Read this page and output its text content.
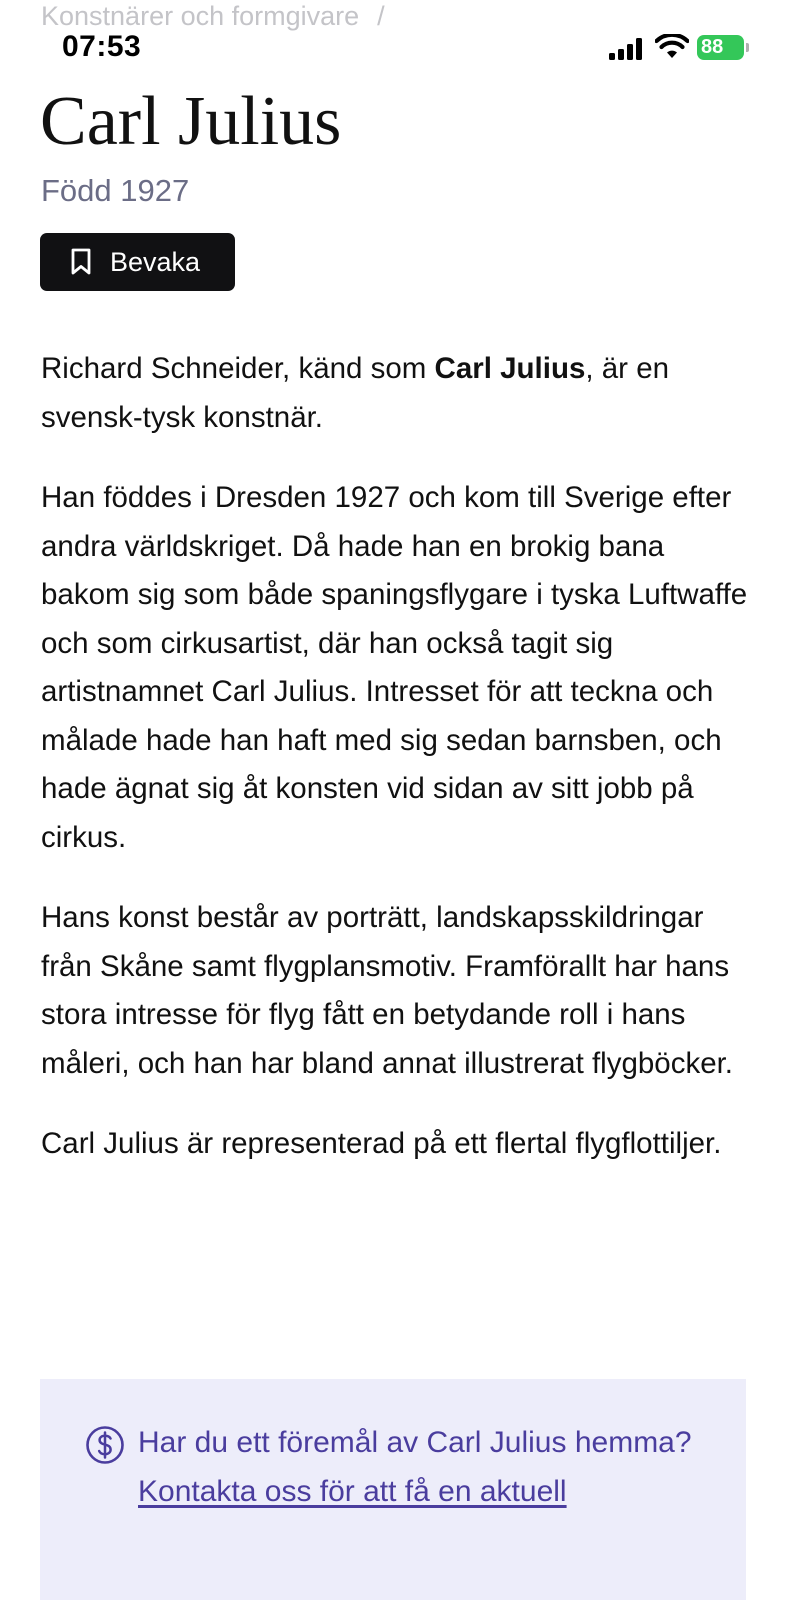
Konstnärer och formgivare /
07:53	88
Carl Julius
Född 1927
Bevaka

Richard Schneider, känd som Carl Julius, är en svensk-tysk konstnär.

Han föddes i Dresden 1927 och kom till Sverige efter andra världskriget. Då hade han en brokig bana bakom sig som både spaningsflygare i tyska Luftwaffe och som cirkusartist, där han också tagit sig artistnamnet Carl Julius. Intresset för att teckna och målade hade han haft med sig sedan barnsben, och hade ägnat sig åt konsten vid sidan av sitt jobb på cirkus.

Hans konst består av porträtt, landskapsskildringar från Skåne samt flygplansmotiv. Framförallt har hans stora intresse för flyg fått en betydande roll i hans måleri, och han har bland annat illustrerat flygböcker.

Carl Julius är representerad på ett flertal flygflottiljer.

Har du ett föremål av Carl Julius hemma?
Kontakta oss för att få en aktuell
